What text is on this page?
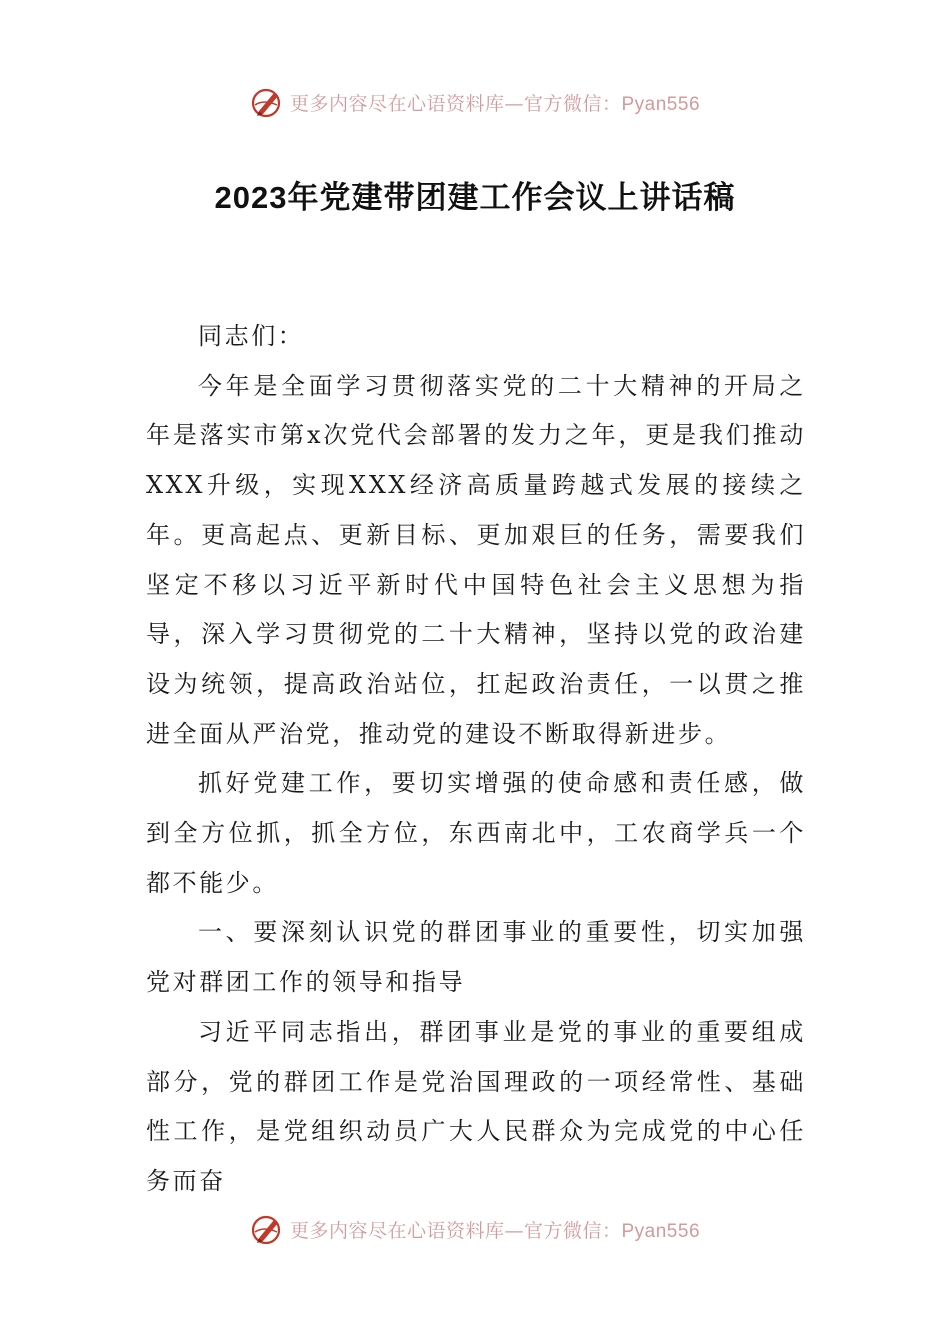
更多内容尽在心语资料库—官方微信：Pyan556
2023年党建带团建工作会议上讲话稿

同志们：

今年是全面学习贯彻落实党的二十大精神的开局之年是落实市第x次党代会部署的发力之年，更是我们推动XXX升级，实现XXX经济高质量跨越式发展的接续之年。更高起点、更新目标、更加艰巨的任务，需要我们坚定不移以习近平新时代中国特色社会主义思想为指导，深入学习贯彻党的二十大精神，坚持以党的政治建设为统领，提高政治站位，扛起政治责任，一以贯之推进全面从严治党，推动党的建设不断取得新进步。

抓好党建工作，要切实增强的使命感和责任感，做到全方位抓，抓全方位，东西南北中，工农商学兵一个都不能少。

一、要深刻认识党的群团事业的重要性，切实加强党对群团工作的领导和指导

习近平同志指出，群团事业是党的事业的重要组成部分，党的群团工作是党治国理政的一项经常性、基础性工作，是党组织动员广大人民群众为完成党的中心任务而奋

更多内容尽在心语资料库—官方微信：Pyan556
